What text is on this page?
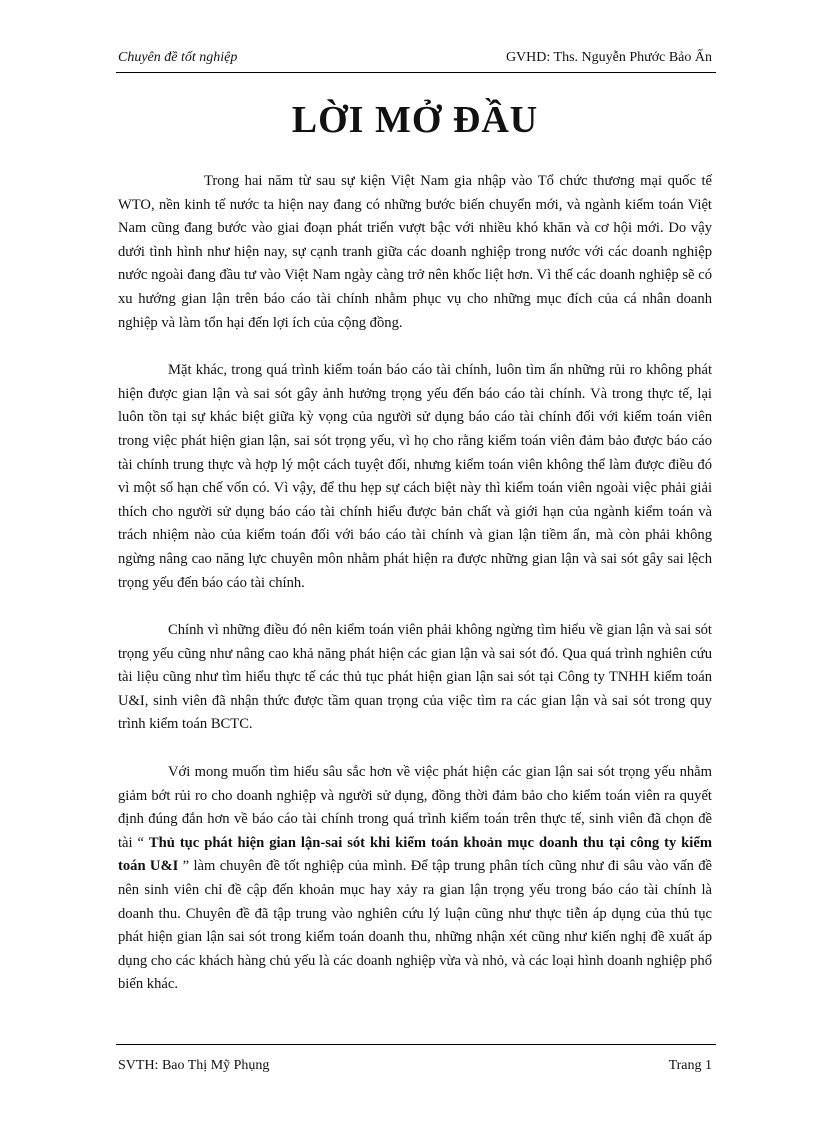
Chuyên đề tốt nghiệp	GVHD: Ths. Nguyễn Phước Bảo Ấn
LỜI MỞ ĐẦU

Trong hai năm từ sau sự kiện Việt Nam gia nhập vào Tổ chức thương mại quốc tế WTO, nền kinh tế nước ta hiện nay đang có những bước biến chuyển mới, và ngành kiểm toán Việt Nam cũng đang bước vào giai đoạn phát triển vượt bậc với nhiều khó khăn và cơ hội mới. Do vậy dưới tình hình như hiện nay, sự cạnh tranh giữa các doanh nghiệp trong nước với các doanh nghiệp nước ngoài đang đầu tư vào Việt Nam ngày càng trở nên khốc liệt hơn. Vì thế các doanh nghiệp sẽ có xu hướng gian lận trên báo cáo tài chính nhằm phục vụ cho những mục đích của cá nhân doanh nghiệp và làm tổn hại đến lợi ích của cộng đồng.

Mặt khác, trong quá trình kiểm toán báo cáo tài chính, luôn tìm ẩn những rủi ro không phát hiện được gian lận và sai sót gây ảnh hưởng trọng yếu đến báo cáo tài chính. Và trong thực tế, lại luôn tồn tại sự khác biệt giữa kỳ vọng của người sử dụng báo cáo tài chính đối với kiểm toán viên trong việc phát hiện gian lận, sai sót trọng yếu, vì họ cho rằng kiểm toán viên đảm bảo được báo cáo tài chính trung thực và hợp lý một cách tuyệt đối, nhưng kiểm toán viên không thể làm được điều đó vì một số hạn chế vốn có. Vì vậy, để thu hẹp sự cách biệt này thì kiểm toán viên ngoài việc phải giải thích cho người sử dụng báo cáo tài chính hiểu được bản chất và giới hạn của ngành kiểm toán và trách nhiệm nào của kiểm toán đối với báo cáo tài chính và gian lận tiềm ẩn, mà còn phải không ngừng nâng cao năng lực chuyên môn nhằm phát hiện ra được những gian lận và sai sót gây sai lệch trọng yếu đến báo cáo tài chính.

Chính vì những điều đó nên kiểm toán viên phải không ngừng tìm hiểu về gian lận và sai sót trọng yếu cũng như nâng cao khả năng phát hiện các gian lận và sai sót đó. Qua quá trình nghiên cứu tài liệu cũng như tìm hiểu thực tế các thủ tục phát hiện gian lận sai sót tại Công ty TNHH kiểm toán U&I, sinh viên đã nhận thức được tầm quan trọng của việc tìm ra các gian lận và sai sót trong quy trình kiểm toán BCTC.

Với mong muốn tìm hiểu sâu sắc hơn về việc phát hiện các gian lận sai sót trọng yếu nhằm giảm bớt rủi ro cho doanh nghiệp và người sử dụng, đồng thời đảm bảo cho kiểm toán viên ra quyết định đúng đắn hơn về báo cáo tài chính trong quá trình kiểm toán trên thực tế, sinh viên đã chọn đề tài “ Thủ tục phát hiện gian lận-sai sót khi kiểm toán khoản mục doanh thu tại công ty kiểm toán U&I ” làm chuyên đề tốt nghiệp của mình. Để tập trung phân tích cũng như đi sâu vào vấn đề nên sinh viên chỉ đề cập đến khoản mục hay xảy ra gian lận trọng yếu trong báo cáo tài chính là doanh thu. Chuyên đề đã tập trung vào nghiên cứu lý luận cũng như thực tiễn áp dụng của thủ tục phát hiện gian lận sai sót trong kiểm toán doanh thu, những nhận xét cũng như kiến nghị đề xuất áp dụng cho các khách hàng chủ yếu là các doanh nghiệp vừa và nhỏ, và các loại hình doanh nghiệp phổ biến khác.

SVTH: Bao Thị Mỹ Phụng	Trang 1
